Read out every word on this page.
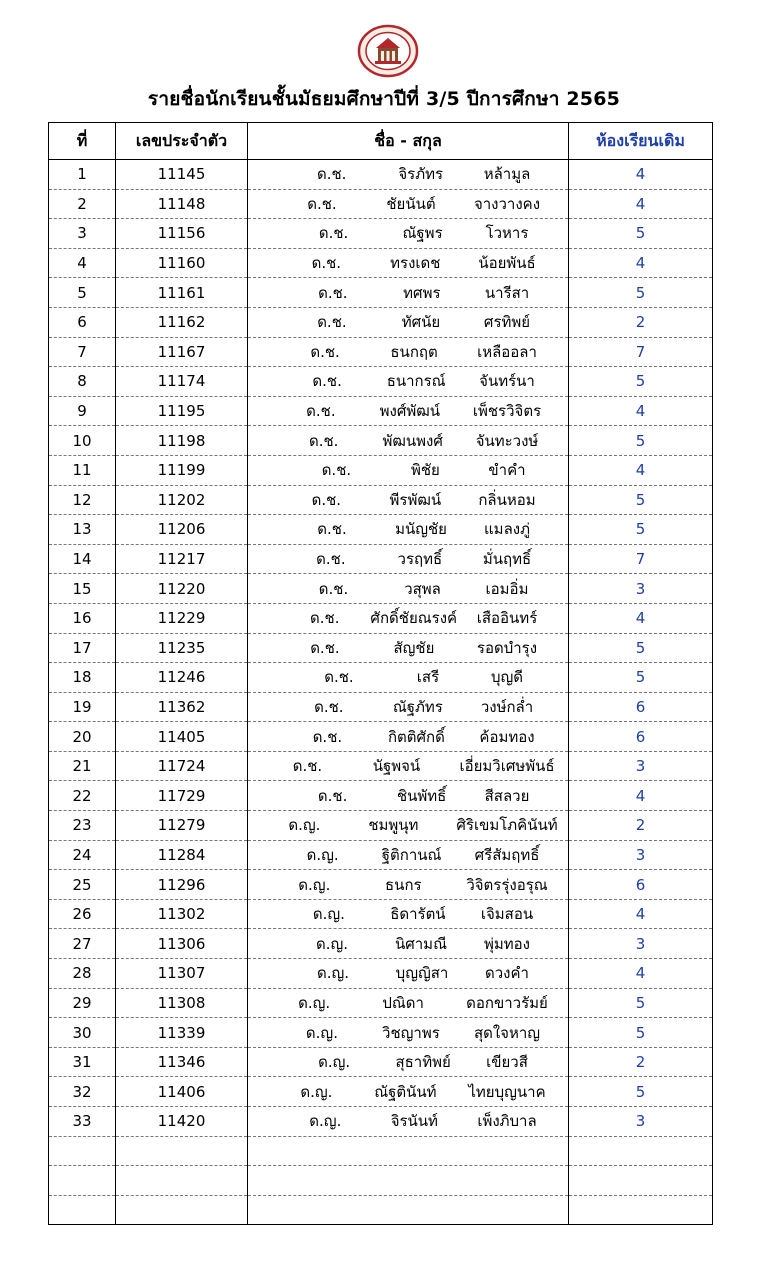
รายชื่อนักเรียนชั้นมัธยมศึกษาปีที่ 3/5 ปีการศึกษา 2565
ที่	เลขประจำตัว	ชื่อ - สกุล	ห้องเรียนเดิม
1	11145	ด.ช. จิรภัทร หล้ามูล	4
2	11148	ด.ช. ชัยนันต์ จางวางคง	4
3	11156	ด.ช. ณัฐพร โวหาร	5
4	11160	ด.ช. ทรงเดช น้อยพันธ์	4
5	11161	ด.ช. ทศพร นารีสา	5
6	11162	ด.ช. ทัศนัย ศรทิพย์	2
7	11167	ด.ช. ธนกฤต เหลืออลา	7
8	11174	ด.ช. ธนากรณ์ จันทร์นา	5
9	11195	ด.ช. พงศ์พัฒน์ เพ็ชรวิจิตร	4
10	11198	ด.ช. พัฒนพงศ์ จันทะวงษ์	5
11	11199	ด.ช. พิชัย ขำคำ	4
12	11202	ด.ช. พีรพัฒน์ กลิ่นหอม	5
13	11206	ด.ช. มนัญชัย แมลงภู่	5
14	11217	ด.ช. วรฤทธิ์ มั่นฤทธิ์	7
15	11220	ด.ช. วสุพล เอมอิ่ม	3
16	11229	ด.ช. ศักดิ์ชัยณรงค์ เสืออินทร์	4
17	11235	ด.ช. สัญชัย รอดบำรุง	5
18	11246	ด.ช. เสรี บุญดี	5
19	11362	ด.ช. ณัฐภัทร วงษ์กล่ำ	6
20	11405	ด.ช. กิตติศักดิ์ ค้อมทอง	6
21	11724	ด.ช. นัฐพจน์ เอี่ยมวิเศษพันธ์	3
22	11729	ด.ช. ชินพัทธิ์ สีสลวย	4
23	11279	ด.ญ. ชมพูนุท ศิริเขมโภคินันท์	2
24	11284	ด.ญ. ฐิติกานณ์ ศรีสัมฤทธิ์	3
25	11296	ด.ญ. ธนกร วิจิตรรุ่งอรุณ	6
26	11302	ด.ญ. ธิดารัตน์ เจิมสอน	4
27	11306	ด.ญ. นิศามณี พุ่มทอง	3
28	11307	ด.ญ. บุญญิสา ดวงคำ	4
29	11308	ด.ญ. ปณิดา ดอกขาวรัมย์	5
30	11339	ด.ญ. วิชญาพร สุดใจหาญ	5
31	11346	ด.ญ. สุธาทิพย์ เขียวสี	2
32	11406	ด.ญ. ณัฐตินันท์ ไทยบุญนาค	5
33	11420	ด.ญ. จิรนันท์ เพ็งภิบาล	3
